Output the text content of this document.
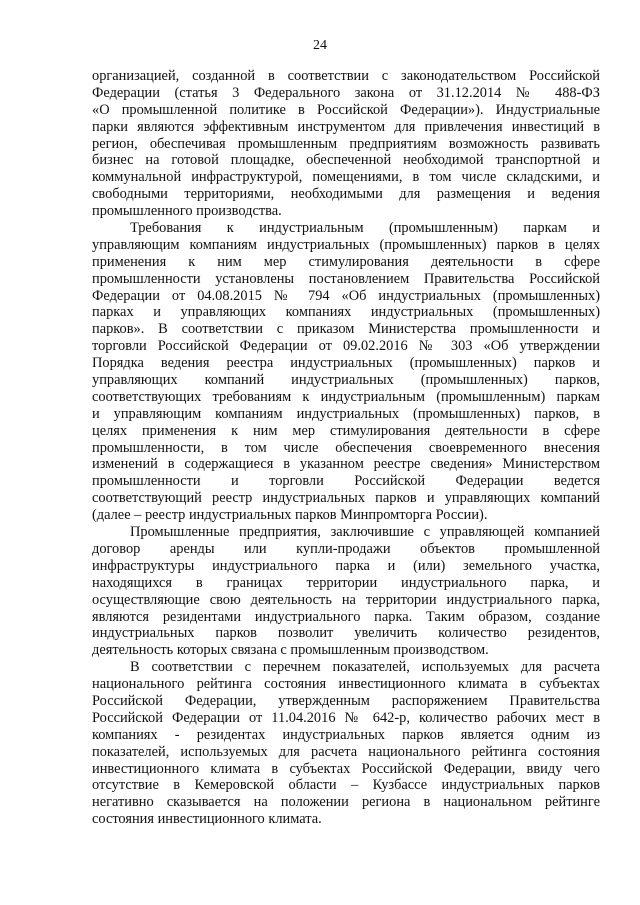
24
организацией, созданной в соответствии с законодательством Российской
Федерации (статья 3 Федерального закона от 31.12.2014 № 488-ФЗ
«О промышленной политике в Российской Федерации»). Индустриальные
парки являются эффективным инструментом для привлечения инвестиций в
регион, обеспечивая промышленным предприятиям возможность развивать
бизнес на готовой площадке, обеспеченной необходимой транспортной и
коммунальной инфраструктурой, помещениями, в том числе складскими, и
свободными территориями, необходимыми для размещения и ведения
промышленного производства.
Требования к индустриальным (промышленным) паркам и
управляющим компаниям индустриальных (промышленных) парков в целях
применения к ним мер стимулирования деятельности в сфере
промышленности установлены постановлением Правительства Российской
Федерации от 04.08.2015 № 794 «Об индустриальных (промышленных)
парках и управляющих компаниях индустриальных (промышленных)
парков». В соответствии с приказом Министерства промышленности и
торговли Российской Федерации от 09.02.2016 № 303 «Об утверждении
Порядка ведения реестра индустриальных (промышленных) парков и
управляющих компаний индустриальных (промышленных) парков,
соответствующих требованиям к индустриальным (промышленным) паркам
и управляющим компаниям индустриальных (промышленных) парков, в
целях применения к ним мер стимулирования деятельности в сфере
промышленности, в том числе обеспечения своевременного внесения
изменений в содержащиеся в указанном реестре сведения» Министерством
промышленности и торговли Российской Федерации ведется
соответствующий реестр индустриальных парков и управляющих компаний
(далее – реестр индустриальных парков Минпромторга России).
Промышленные предприятия, заключившие с управляющей компанией
договор аренды или купли-продажи объектов промышленной
инфраструктуры индустриального парка и (или) земельного участка,
находящихся в границах территории индустриального парка, и
осуществляющие свою деятельность на территории индустриального парка,
являются резидентами индустриального парка. Таким образом, создание
индустриальных парков позволит увеличить количество резидентов,
деятельность которых связана с промышленным производством.
В соответствии с перечнем показателей, используемых для расчета
национального рейтинга состояния инвестиционного климата в субъектах
Российской Федерации, утвержденным распоряжением Правительства
Российской Федерации от 11.04.2016 № 642-р, количество рабочих мест в
компаниях - резидентах индустриальных парков является одним из
показателей, используемых для расчета национального рейтинга состояния
инвестиционного климата в субъектах Российской Федерации, ввиду чего
отсутствие в Кемеровской области – Кузбассе индустриальных парков
негативно сказывается на положении региона в национальном рейтинге
состояния инвестиционного климата.
